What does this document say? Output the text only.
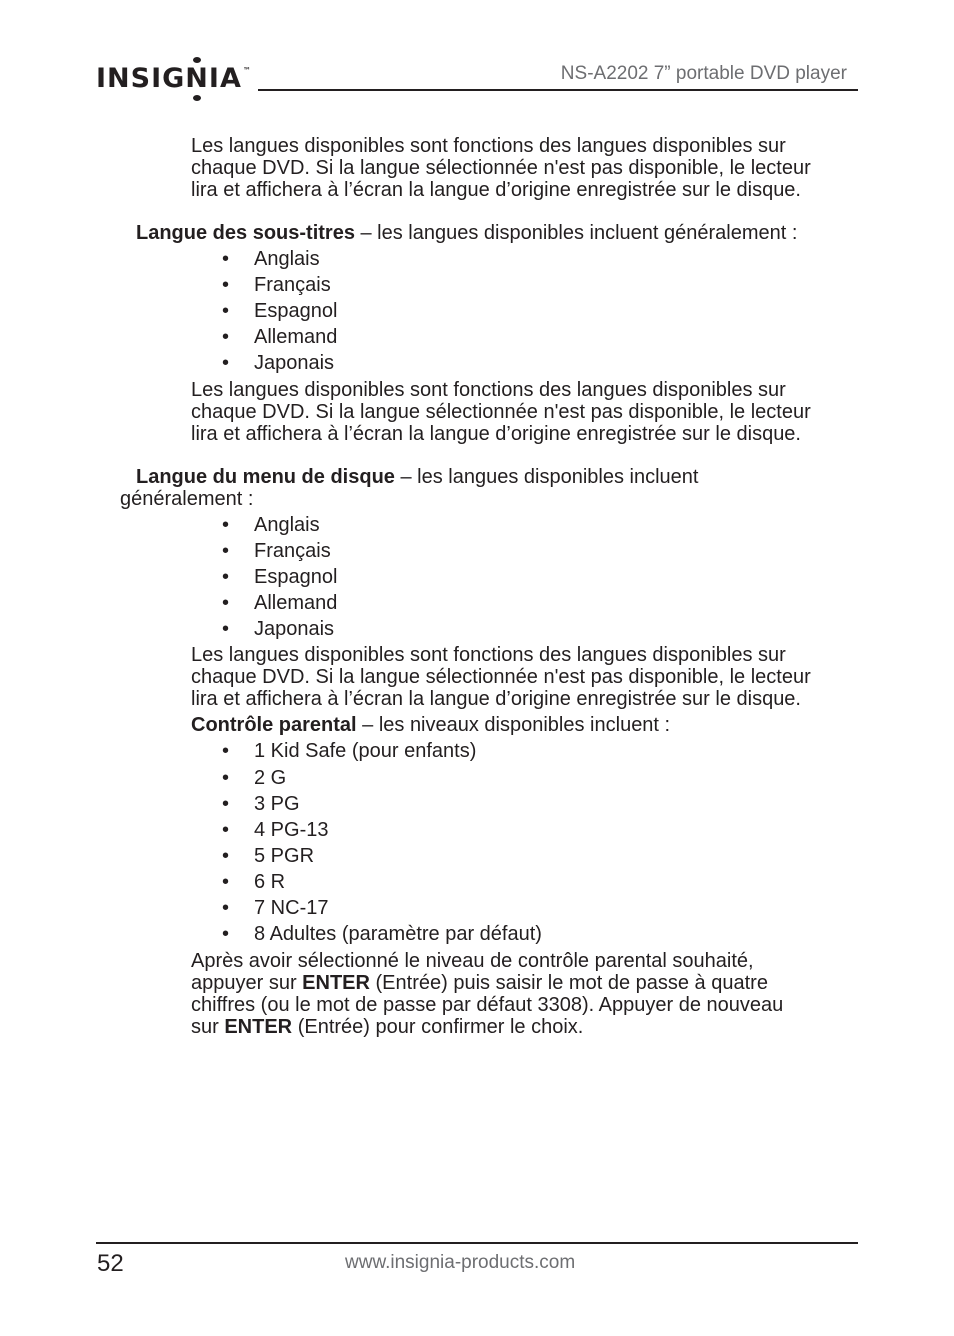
INSIG
N
IA™	NS-A2202 7” portable DVD player
Les langues disponibles sont fonctions des langues disponibles sur
chaque DVD. Si la langue sélectionnée n'est pas disponible, le lecteur
lira et affichera à l’écran la langue d’origine enregistrée sur le disque.
Langue des sous-titres – les langues disponibles incluent généralement :
• Anglais
• Français
• Espagnol
• Allemand
• Japonais
Les langues disponibles sont fonctions des langues disponibles sur
chaque DVD. Si la langue sélectionnée n'est pas disponible, le lecteur
lira et affichera à l’écran la langue d’origine enregistrée sur le disque.
Langue du menu de disque – les langues disponibles incluent
généralement :
• Anglais
• Français
• Espagnol
• Allemand
• Japonais
Les langues disponibles sont fonctions des langues disponibles sur
chaque DVD. Si la langue sélectionnée n'est pas disponible, le lecteur
lira et affichera à l’écran la langue d’origine enregistrée sur le disque.
Contrôle parental – les niveaux disponibles incluent :
• 1 Kid Safe (pour enfants)
• 2 G
• 3 PG
• 4 PG-13
• 5 PGR
• 6 R
• 7 NC-17
• 8 Adultes (paramètre par défaut)
Après avoir sélectionné le niveau de contrôle parental souhaité,
appuyer sur ENTER (Entrée) puis saisir le mot de passe à quatre
chiffres (ou le mot de passe par défaut 3308). Appuyer de nouveau
sur ENTER (Entrée) pour confirmer le choix.
52	www.insignia-products.com
